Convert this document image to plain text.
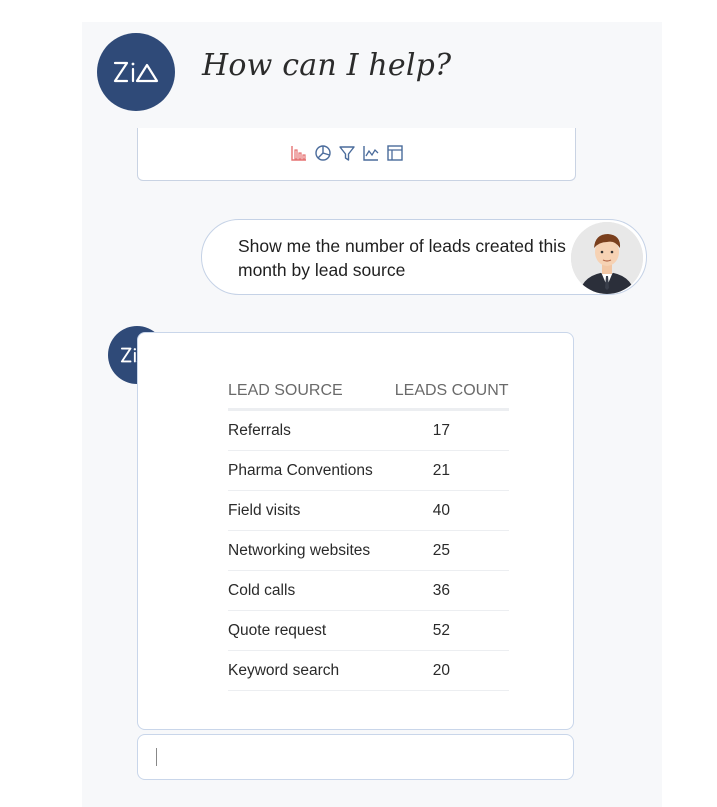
How can I help?
Show me the number of leads created this month by lead source
LEAD SOURCE	LEADS COUNT
Referrals	17
Pharma Conventions	21
Field visits	40
Networking websites	25
Cold calls	36
Quote request	52
Keyword search	20
